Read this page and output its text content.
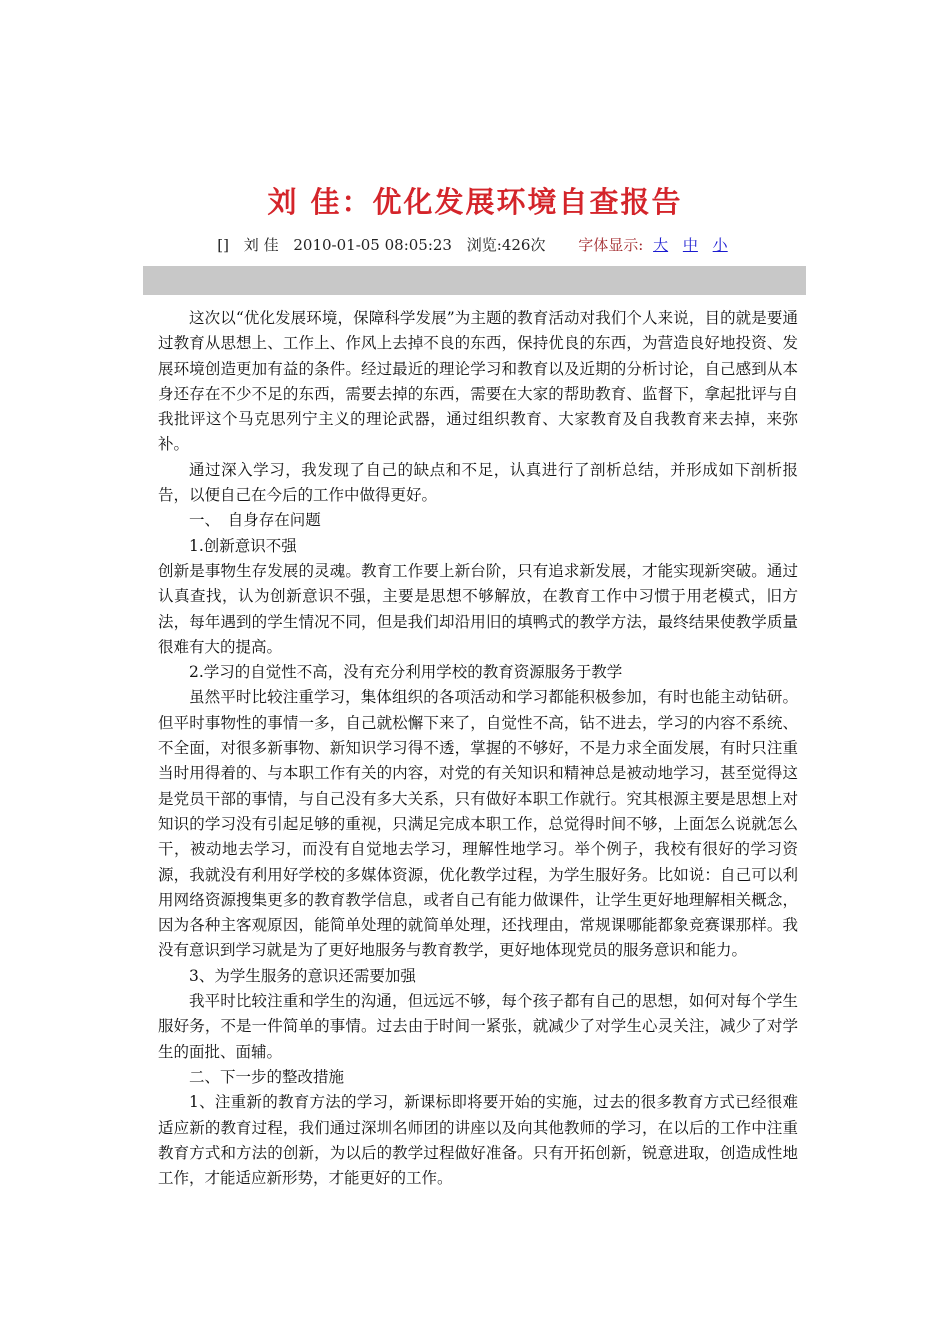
刘 佳：优化发展环境自查报告
[] 刘 佳 2010-01-05 08:05:23 浏览:426次 字体显示: 大 中 小

这次以“优化发展环境，保障科学发展”为主题的教育活动对我们个人来说，目的就是要通过教育从思想上、工作上、作风上去掉不良的东西，保持优良的东西，为营造良好地投资、发展环境创造更加有益的条件。经过最近的理论学习和教育以及近期的分析讨论，自己感到从本身还存在不少不足的东西，需要去掉的东西，需要在大家的帮助教育、监督下，拿起批评与自我批评这个马克思列宁主义的理论武器，通过组织教育、大家教育及自我教育来去掉，来弥补。

通过深入学习，我发现了自己的缺点和不足，认真进行了剖析总结，并形成如下剖析报告，以便自己在今后的工作中做得更好。

一、　自身存在问题

1.创新意识不强

创新是事物生存发展的灵魂。教育工作要上新台阶，只有追求新发展，才能实现新突破。通过认真查找，认为创新意识不强，主要是思想不够解放，在教育工作中习惯于用老模式，旧方法，每年遇到的学生情况不同，但是我们却沿用旧的填鸭式的教学方法，最终结果使教学质量很难有大的提高。

2.学习的自觉性不高，没有充分利用学校的教育资源服务于教学

虽然平时比较注重学习，集体组织的各项活动和学习都能积极参加，有时也能主动钻研。但平时事物性的事情一多，自己就松懈下来了，自觉性不高，钻不进去，学习的内容不系统、不全面，对很多新事物、新知识学习得不透，掌握的不够好，不是力求全面发展，有时只注重当时用得着的、与本职工作有关的内容，对党的有关知识和精神总是被动地学习，甚至觉得这是党员干部的事情，与自己没有多大关系，只有做好本职工作就行。究其根源主要是思想上对知识的学习没有引起足够的重视，只满足完成本职工作，总觉得时间不够，上面怎么说就怎么干，被动地去学习，而没有自觉地去学习，理解性地学习。举个例子，我校有很好的学习资源，我就没有利用好学校的多媒体资源，优化教学过程，为学生服好务。比如说：自己可以利用网络资源搜集更多的教育教学信息，或者自己有能力做课件，让学生更好地理解相关概念，因为各种主客观原因，能简单处理的就简单处理，还找理由，常规课哪能都象竞赛课那样。我没有意识到学习就是为了更好地服务与教育教学，更好地体现党员的服务意识和能力。

3、为学生服务的意识还需要加强

我平时比较注重和学生的沟通，但远远不够，每个孩子都有自己的思想，如何对每个学生服好务，不是一件简单的事情。过去由于时间一紧张，就减少了对学生心灵关注，减少了对学生的面批、面辅。

二、下一步的整改措施

1、注重新的教育方法的学习，新课标即将要开始的实施，过去的很多教育方式已经很难适应新的教育过程，我们通过深圳名师团的讲座以及向其他教师的学习，在以后的工作中注重教育方式和方法的创新，为以后的教学过程做好准备。只有开拓创新，锐意进取，创造成性地工作，才能适应新形势，才能更好的工作。
